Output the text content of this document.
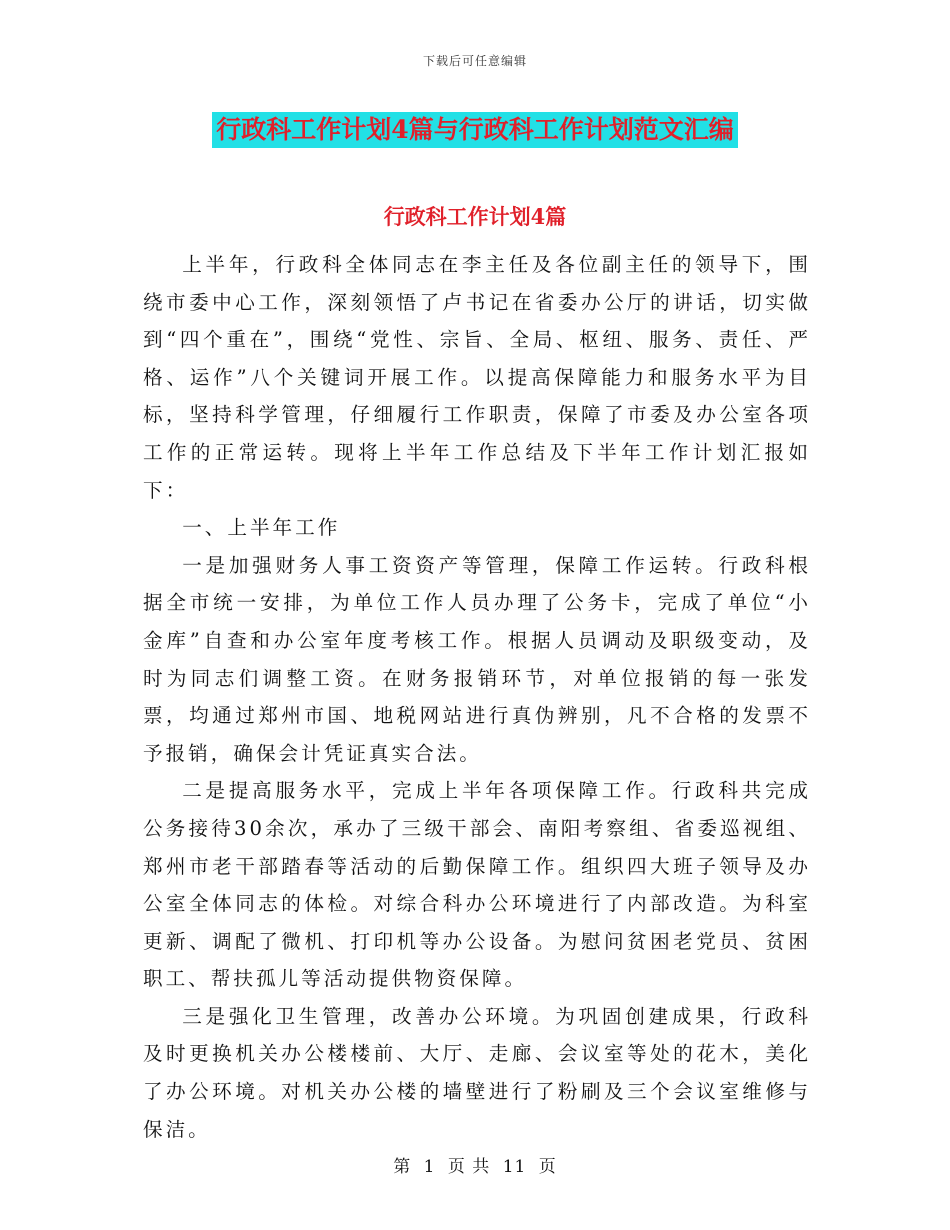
下载后可任意编辑
行政科工作计划4篇与行政科工作计划范文汇编
行政科工作计划4篇

上半年，行政科全体同志在李主任及各位副主任的领导下，围绕市委中心工作，深刻领悟了卢书记在省委办公厅的讲话，切实做到“四个重在”，围绕“党性、宗旨、全局、枢纽、服务、责任、严格、运作”八个关键词开展工作。以提高保障能力和服务水平为目标，坚持科学管理，仔细履行工作职责，保障了市委及办公室各项工作的正常运转。现将上半年工作总结及下半年工作计划汇报如下：

一、上半年工作

一是加强财务人事工资资产等管理，保障工作运转。行政科根据全市统一安排，为单位工作人员办理了公务卡，完成了单位“小金库”自查和办公室年度考核工作。根据人员调动及职级变动，及时为同志们调整工资。在财务报销环节，对单位报销的每一张发票，均通过郑州市国、地税网站进行真伪辨别，凡不合格的发票不予报销，确保会计凭证真实合法。

二是提高服务水平，完成上半年各项保障工作。行政科共完成公务接待30余次，承办了三级干部会、南阳考察组、省委巡视组、郑州市老干部踏春等活动的后勤保障工作。组织四大班子领导及办公室全体同志的体检。对综合科办公环境进行了内部改造。为科室更新、调配了微机、打印机等办公设备。为慰问贫困老党员、贫困职工、帮扶孤儿等活动提供物资保障。

三是强化卫生管理，改善办公环境。为巩固创建成果，行政科及时更换机关办公楼楼前、大厅、走廊、会议室等处的花木，美化了办公环境。对机关办公楼的墙壁进行了粉刷及三个会议室维修与保洁。

第 1 页 共 11 页
